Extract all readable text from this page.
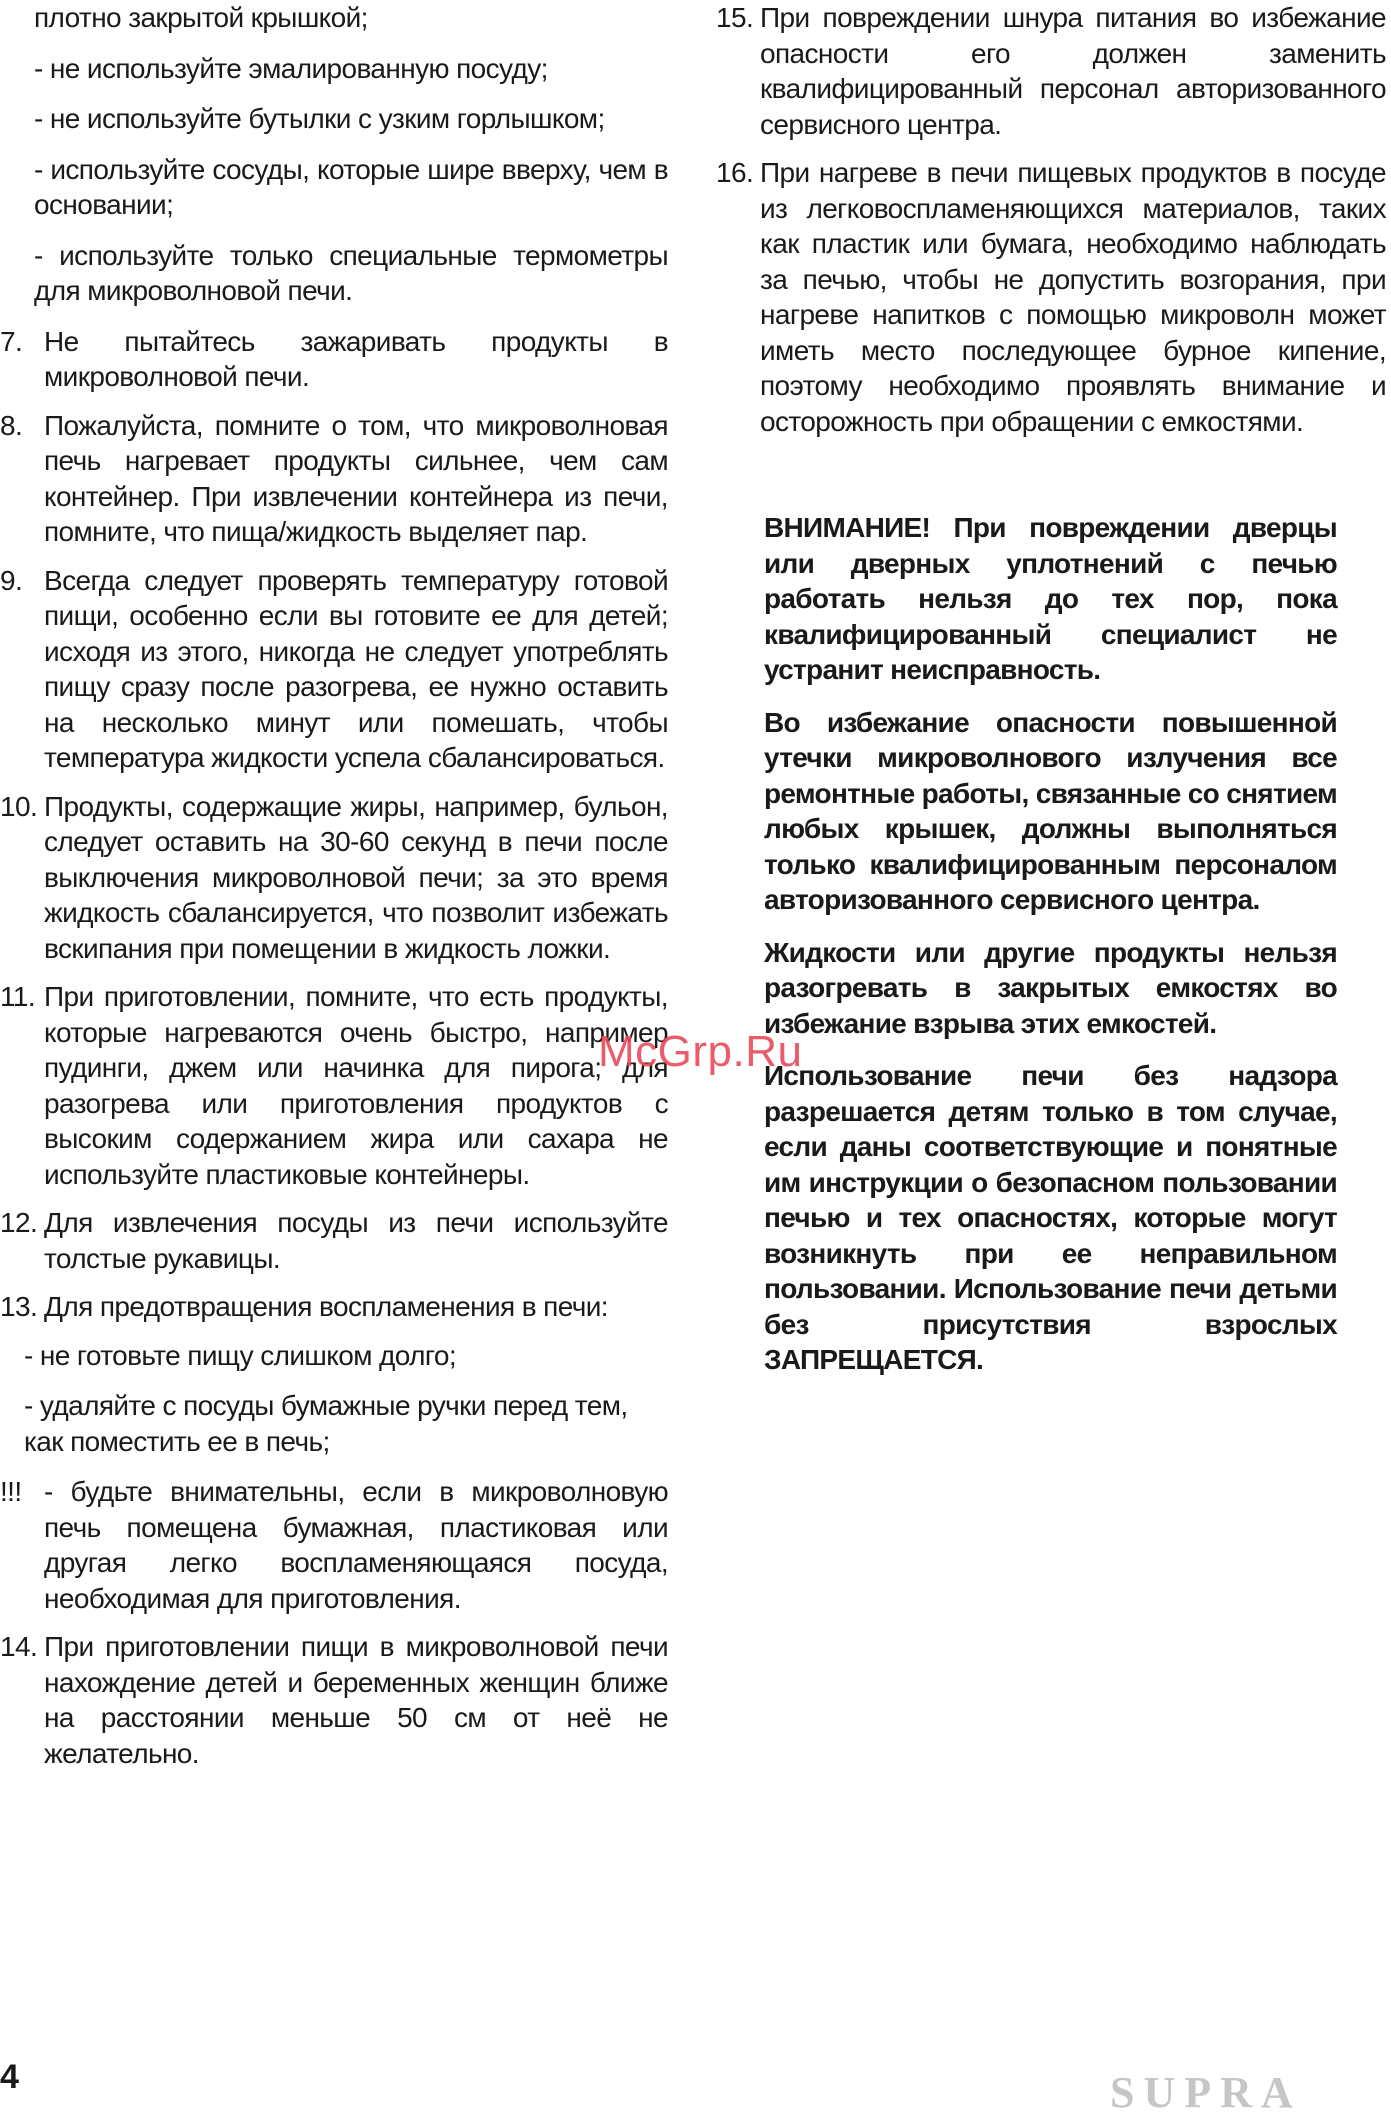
плотно закрытой крышкой;

- не используйте эмалированную посуду;

- не используйте бутылки с узким горлышком;

- используйте сосуды, которые шире вверху, чем в основании;

- используйте только специальные термометры для микроволновой печи.

7. Не пытайтесь зажаривать продукты в микроволновой печи.
8. Пожалуйста, помните о том, что микроволновая печь нагревает продукты сильнее, чем сам контейнер. При извлечении контейнера из печи, помните, что пища/жидкость выделяет пар.
9. Всегда следует проверять температуру готовой пищи, особенно если вы готовите ее для детей; исходя из этого, никогда не следует употреблять пищу сразу после разогрева, ее нужно оставить на несколько минут или помешать, чтобы температура жидкости успела сбалансироваться.
10. Продукты, содержащие жиры, например, бульон, следует оставить на 30-60 секунд в печи после выключения микроволновой печи; за это время жидкость сбалансируется, что позволит избежать вскипания при помещении в жидкость ложки.
11. При приготовлении, помните, что есть продукты, которые нагреваются очень быстро, например пудинги, джем или начинка для пирога; для разогрева или приготовления продуктов с высоким содержанием жира или сахара не используйте пластиковые контейнеры.
12. Для извлечения посуды из печи используйте толстые рукавицы.
13. Для предотвращения воспламенения в печи:

- не готовьте пищу слишком долго;

- удаляйте с посуды бумажные ручки перед тем, как поместить ее в печь;

!!! - будьте внимательны, если в микроволновую печь помещена бумажная, пластиковая или другая легко воспламеняющаяся посуда, необходимая для приготовления.
14. При приготовлении пищи в микроволновой печи нахождение детей и беременных женщин ближе на расстоянии меньше 50 см от неё не желательно.
15. При повреждении шнура питания во избежание опасности его должен заменить квалифицированный персонал авторизованного сервисного центра.
16. При нагреве в печи пищевых продуктов в посуде из легковоспламеняющихся материалов, таких как пластик или бумага, необходимо наблюдать за печью, чтобы не допустить возгорания, при нагреве напитков с помощью микроволн может иметь место последующее бурное кипение, поэтому необходимо проявлять внимание и осторожность при обращении с емкостями.

ВНИМАНИЕ! При повреждении дверцы или дверных уплотнений с печью работать нельзя до тех пор, пока квалифицированный специалист не устранит неисправность.

Во избежание опасности повышенной утечки микроволнового излучения все ремонтные работы, связанные со снятием любых крышек, должны выполняться только квалифицированным персоналом авторизованного сервисного центра.

Жидкости или другие продукты нельзя разогревать в закрытых емкостях во избежание взрыва этих емкостей.

Использование печи без надзора разрешается детям только в том случае, если даны соответствующие и понятные им инструкции о безопасном пользовании печью и тех опасностях, которые могут возникнуть при ее неправильном пользовании. Использование печи детьми без присутствия взрослых ЗАПРЕЩАЕТСЯ.

McGrp.Ru
4	SUPRA
